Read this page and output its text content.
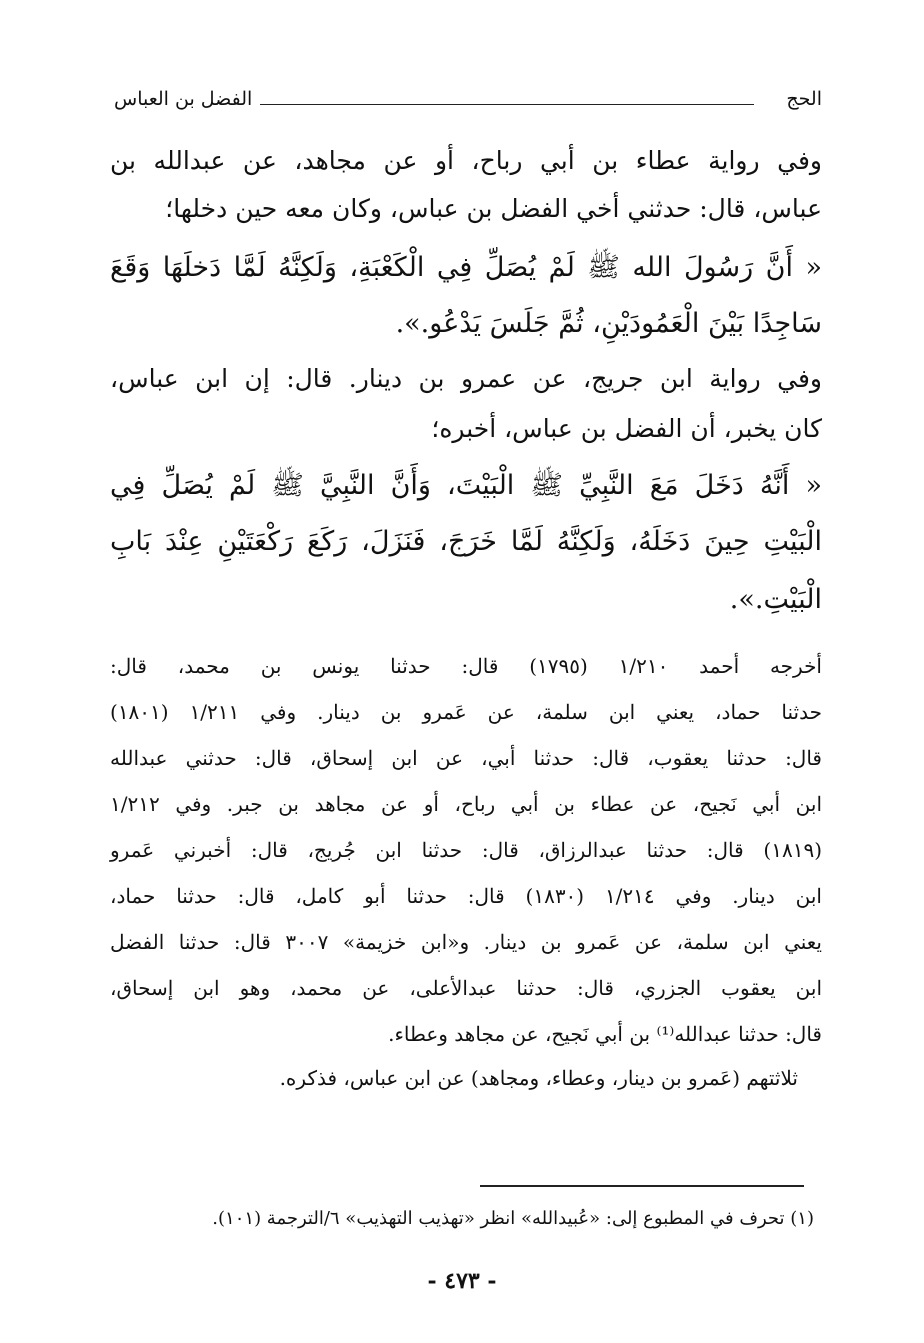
الحج
الفضل بن العباس
وفي رواية عطاء بن أبي رباح، أو عن مجاهد، عن عبدالله بن
عباس، قال: حدثني أخي الفضل بن عباس، وكان معه حين دخلها؛
« أَنَّ رَسُولَ الله ﷺ لَمْ يُصَلِّ فِي الْكَعْبَةِ، وَلَكِنَّهُ لَمَّا دَخلَهَا وَقَعَ
سَاجِدًا بَيْنَ الْعَمُودَيْنِ، ثُمَّ جَلَسَ يَدْعُو.».
وفي رواية ابن جريج، عن عمرو بن دينار. قال: إن ابن عباس،
كان يخبر، أن الفضل بن عباس، أخبره؛
« أَنَّهُ دَخَلَ مَعَ النَّبِيِّ ﷺ الْبَيْتَ، وَأَنَّ النَّبِيَّ ﷺ لَمْ يُصَلِّ فِي
الْبَيْتِ حِينَ دَخَلَهُ، وَلَكِنَّهُ لَمَّا خَرَجَ، فَنَزَلَ، رَكَعَ رَكْعَتَيْنِ عِنْدَ بَابِ
الْبَيْتِ.».
أخرجه أحمد ١/٢١٠ (١٧٩٥) قال: حدثنا يونس بن محمد، قال:
حدثنا حماد، يعني ابن سلمة، عن عَمرو بن دينار. وفي ١/٢١١ (١٨٠١)
قال: حدثنا يعقوب، قال: حدثنا أبي، عن ابن إسحاق، قال: حدثني عبدالله
ابن أبي نَجيح، عن عطاء بن أبي رباح، أو عن مجاهد بن جبر. وفي ١/٢١٢
(١٨١٩) قال: حدثنا عبدالرزاق، قال: حدثنا ابن جُريج، قال: أخبرني عَمرو
ابن دينار. وفي ١/٢١٤ (١٨٣٠) قال: حدثنا أبو كامل، قال: حدثنا حماد،
يعني ابن سلمة، عن عَمرو بن دينار. و«ابن خزيمة» ٣٠٠٧ قال: حدثنا الفضل
ابن يعقوب الجزري، قال: حدثنا عبدالأعلى، عن محمد، وهو ابن إسحاق،
قال: حدثنا عبدالله⁽¹⁾ بن أبي نَجيح، عن مجاهد وعطاء.
ثلاثتهم (عَمرو بن دينار، وعطاء، ومجاهد) عن ابن عباس، فذكره.
(١) تحرف في المطبوع إلى: «عُبيدالله» انظر «تهذيب التهذيب» ٦/الترجمة (١٠١).
- ٤٧٣ -
